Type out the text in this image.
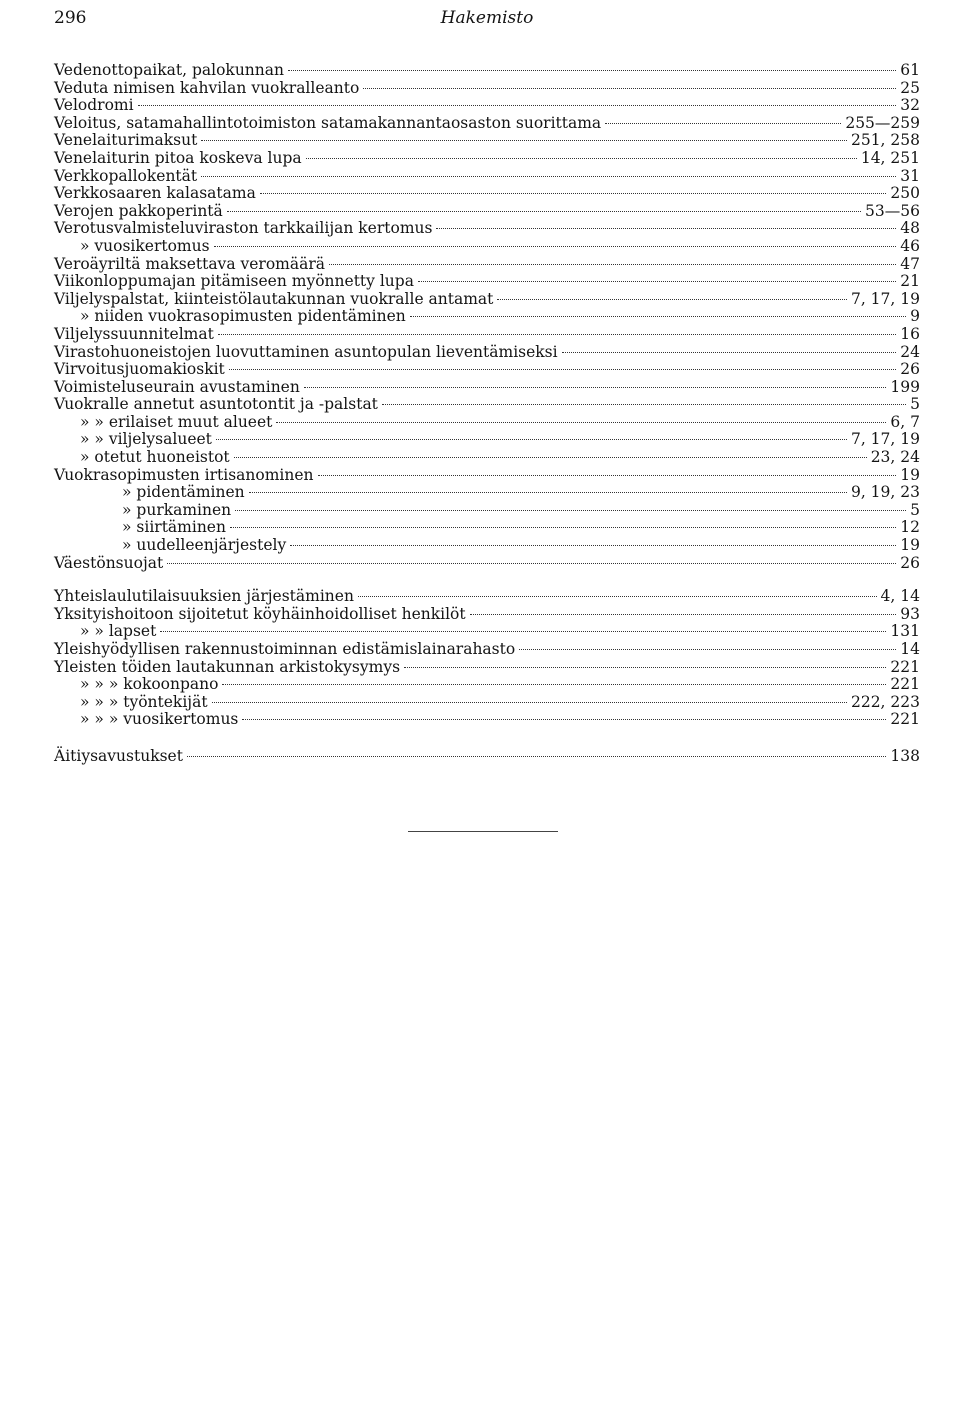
296	Hakemisto
Vedenottopaikat, palokunnan	61
Veduta nimisen kahvilan vuokralleanto	25
Velodromi	32
Veloitus, satamahallintotoimiston satamakannantaosaston suorittama	255—259
Venelaiturimaksut	251, 258
Venelaiturin pitoa koskeva lupa	14, 251
Verkkopallokentät	31
Verkkosaaren kalasatama	250
Verojen pakkoperintä	53—56
Verotusvalmisteluviraston tarkkailijan kertomus	48
» vuosikertomus	46
Veroäyriltä maksettava veromäärä	47
Viikonloppumajan pitämiseen myönnetty lupa	21
Viljelyspalstat, kiinteistölautakunnan vuokralle antamat	7, 17, 19
» niiden vuokrasopimusten pidentäminen	9
Viljelyssuunnitelmat	16
Virastohuoneistojen luovuttaminen asuntopulan lieventämiseksi	24
Virvoitusjuomakioskit	26
Voimisteluseurain avustaminen	199
Vuokralle annetut asuntotontit ja -palstat	5
» » erilaiset muut alueet	6, 7
» » viljelysalueet	7, 17, 19
» otetut huoneistot	23, 24
Vuokrasopimusten irtisanominen	19
» pidentäminen	9, 19, 23
» purkaminen	5
» siirtäminen	12
» uudelleenjärjestely	19
Väestönsuojat	26
Yhteislaulutilaisuuksien järjestäminen	4, 14
Yksityishoitoon sijoitetut köyhäinhoidolliset henkilöt	93
» » lapset	131
Yleishyödyllisen rakennustoiminnan edistämislainarahasto	14
Yleisten töiden lautakunnan arkistokysymys	221
» » » kokoonpano	221
» » » työntekijät	222, 223
» » » vuosikertomus	221
Äitiysavustukset	138
